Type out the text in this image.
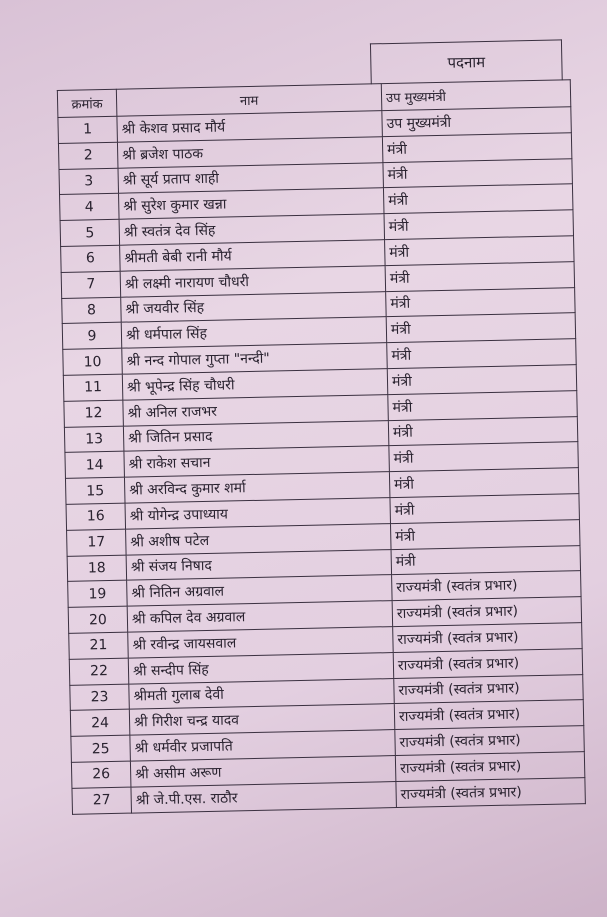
पदनाम
क्रमांक	नाम	उप मुख्यमंत्री
1	श्री केशव प्रसाद मौर्य	उप मुख्यमंत्री
2	श्री ब्रजेश पाठक	मंत्री
3	श्री सूर्य प्रताप शाही	मंत्री
4	श्री सुरेश कुमार खन्ना	मंत्री
5	श्री स्वतंत्र देव सिंह	मंत्री
6	श्रीमती बेबी रानी मौर्य	मंत्री
7	श्री लक्ष्मी नारायण चौधरी	मंत्री
8	श्री जयवीर सिंह	मंत्री
9	श्री धर्मपाल सिंह	मंत्री
10	श्री नन्द गोपाल गुप्ता "नन्दी"	मंत्री
11	श्री भूपेन्द्र सिंह चौधरी	मंत्री
12	श्री अनिल राजभर	मंत्री
13	श्री जितिन प्रसाद	मंत्री
14	श्री राकेश सचान	मंत्री
15	श्री अरविन्द कुमार शर्मा	मंत्री
16	श्री योगेन्द्र उपाध्याय	मंत्री
17	श्री अशीष पटेल	मंत्री
18	श्री संजय निषाद	मंत्री
19	श्री नितिन अग्रवाल	राज्यमंत्री (स्वतंत्र प्रभार)
20	श्री कपिल देव अग्रवाल	राज्यमंत्री (स्वतंत्र प्रभार)
21	श्री रवीन्द्र जायसवाल	राज्यमंत्री (स्वतंत्र प्रभार)
22	श्री सन्दीप सिंह	राज्यमंत्री (स्वतंत्र प्रभार)
23	श्रीमती गुलाब देवी	राज्यमंत्री (स्वतंत्र प्रभार)
24	श्री गिरीश चन्द्र यादव	राज्यमंत्री (स्वतंत्र प्रभार)
25	श्री धर्मवीर प्रजापति	राज्यमंत्री (स्वतंत्र प्रभार)
26	श्री असीम अरूण	राज्यमंत्री (स्वतंत्र प्रभार)
27	श्री जे.पी.एस. राठौर	राज्यमंत्री (स्वतंत्र प्रभार)
